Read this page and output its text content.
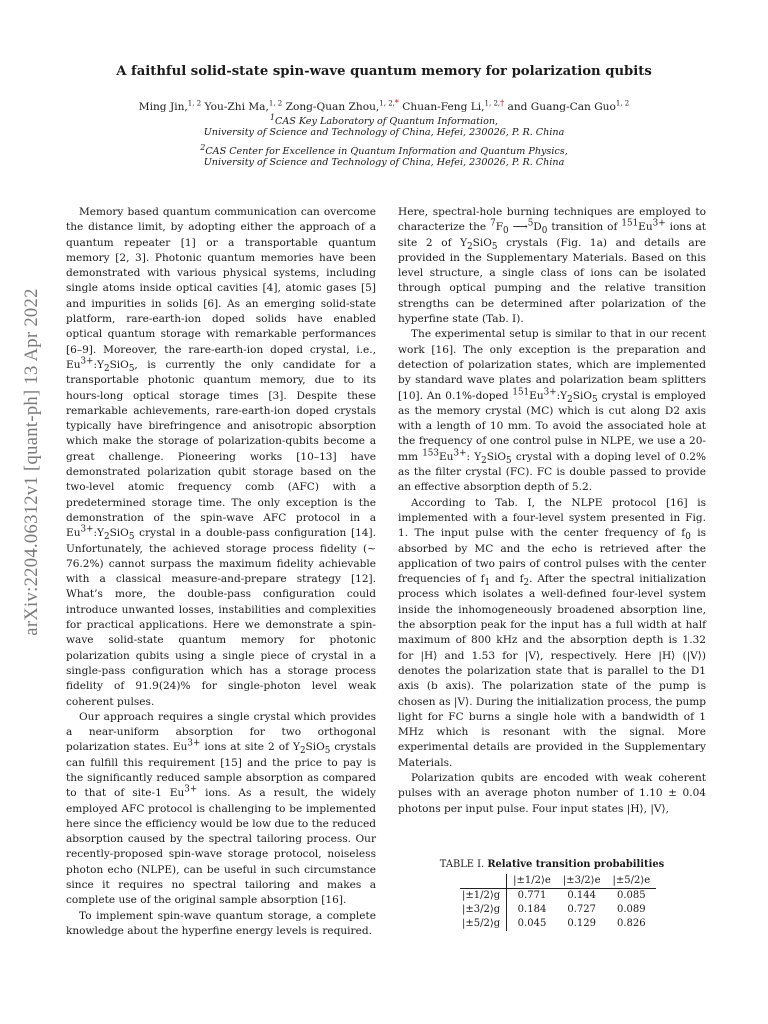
arXiv:2204.06312v1 [quant-ph] 13 Apr 2022
A faithful solid-state spin-wave quantum memory for polarization qubits
Ming Jin,$^{1, 2}$ You-Zhi Ma,$^{1, 2}$ Zong-Quan Zhou,$^{1, 2,*}$ Chuan-Feng Li,$^{1, 2,\dagger}$ and Guang-Can Guo$^{1, 2}$
$^1$CAS Key Laboratory of Quantum Information,
University of Science and Technology of China, Hefei, 230026, P. R. China
$^2$CAS Center for Excellence in Quantum Information and Quantum Physics,
University of Science and Technology of China, Hefei, 230026, P. R. China

Memory based quantum communication can overcome the distance limit, by adopting either the approach of a quantum repeater [1] or a transportable quantum memory [2, 3]. Photonic quantum memories have been demonstrated with various physical systems, including single atoms inside optical cavities [4], atomic gases [5] and impurities in solids [6]. As an emerging solid-state platform, rare-earth-ion doped solids have enabled optical quantum storage with remarkable performances [6–9]. Moreover, the rare-earth-ion doped crystal, i.e., $Eu^{3+}:Y_2SiO_5$, is currently the only candidate for a transportable photonic quantum memory, due to its hours-long optical storage times [3]. Despite these remarkable achievements, rare-earth-ion doped crystals typically have birefringence and anisotropic absorption which make the storage of polarization-qubits become a great challenge. Pioneering works [10–13] have demonstrated polarization qubit storage based on the two-level atomic frequency comb (AFC) with a predetermined storage time. The only exception is the demonstration of the spin-wave AFC protocol in a $Eu^{3+}:Y_2SiO_5$ crystal in a double-pass configuration [14]. Unfortunately, the achieved storage process fidelity (∼ 76.2%) cannot surpass the maximum fidelity achievable with a classical measure-and-prepare strategy [12]. What’s more, the double-pass configuration could introduce unwanted losses, instabilities and complexities for practical applications. Here we demonstrate a spin-wave solid-state quantum memory for photonic polarization qubits using a single piece of crystal in a single-pass configuration which has a storage process fidelity of 91.9(24)% for single-photon level weak coherent pulses.

Our approach requires a single crystal which provides a near-uniform absorption for two orthogonal polarization states. $Eu^{3+}$ ions at site 2 of $Y_2SiO_5$ crystals can fulfill this requirement [15] and the price to pay is the significantly reduced sample absorption as compared to that of site-1 $Eu^{3+}$ ions. As a result, the widely employed AFC protocol is challenging to be implemented here since the efficiency would be low due to the reduced absorption caused by the spectral tailoring process. Our recently-proposed spin-wave storage protocol, noiseless photon echo (NLPE), can be useful in such circumstance since it requires no spectral tailoring and makes a complete use of the original sample absorption [16].

To implement spin-wave quantum storage, a complete knowledge about the hyperfine energy levels is required.

Here, spectral-hole burning techniques are employed to characterize the $^7F_0$ $⟶^5D_0$ transition of $^{151}Eu^{3+}$ ions at site 2 of $Y_2SiO_5$ crystals (Fig. 1a) and details are provided in the Supplementary Materials. Based on this level structure, a single class of ions can be isolated through optical pumping and the relative transition strengths can be determined after polarization of the hyperfine state (Tab. I).

The experimental setup is similar to that in our recent work [16]. The only exception is the preparation and detection of polarization states, which are implemented by standard wave plates and polarization beam splitters [10]. An 0.1%-doped $^{151}Eu^{3+}:Y_2SiO_5$ crystal is employed as the memory crystal (MC) which is cut along D2 axis with a length of 10 mm. To avoid the associated hole at the frequency of one control pulse in NLPE, we use a 20-mm $^{153}Eu^{3+}$: $Y_2SiO_5$ crystal with a doping level of 0.2% as the filter crystal (FC). FC is double passed to provide an effective absorption depth of 5.2.

According to Tab. I, the NLPE protocol [16] is implemented with a four-level system presented in Fig. 1. The input pulse with the center frequency of $f_0$ is absorbed by MC and the echo is retrieved after the application of two pairs of control pulses with the center frequencies of $f_1$ and $f_2$. After the spectral initialization process which isolates a well-defined four-level system inside the inhomogeneously broadened absorption line, the absorption peak for the input has a full width at half maximum of 800 kHz and the absorption depth is 1.32 for |H⟩ and 1.53 for |V⟩, respectively. Here |H⟩ (|V⟩) denotes the polarization state that is parallel to the D1 axis (b axis). The polarization state of the pump is chosen as |V⟩. During the initialization process, the pump light for FC burns a single hole with a bandwidth of 1 MHz which is resonant with the signal. More experimental details are provided in the Supplementary Materials.

Polarization qubits are encoded with weak coherent pulses with an average photon number of 1.10 ± 0.04 photons per input pulse. Four input states |H⟩, |V⟩,

TABLE I. Relative transition probabilities
	|±1/2⟩e	|±3/2⟩e	|±5/2⟩e
|±1/2⟩g	0.771	0.144	0.085
|±3/2⟩g	0.184	0.727	0.089
|±5/2⟩g	0.045	0.129	0.826
